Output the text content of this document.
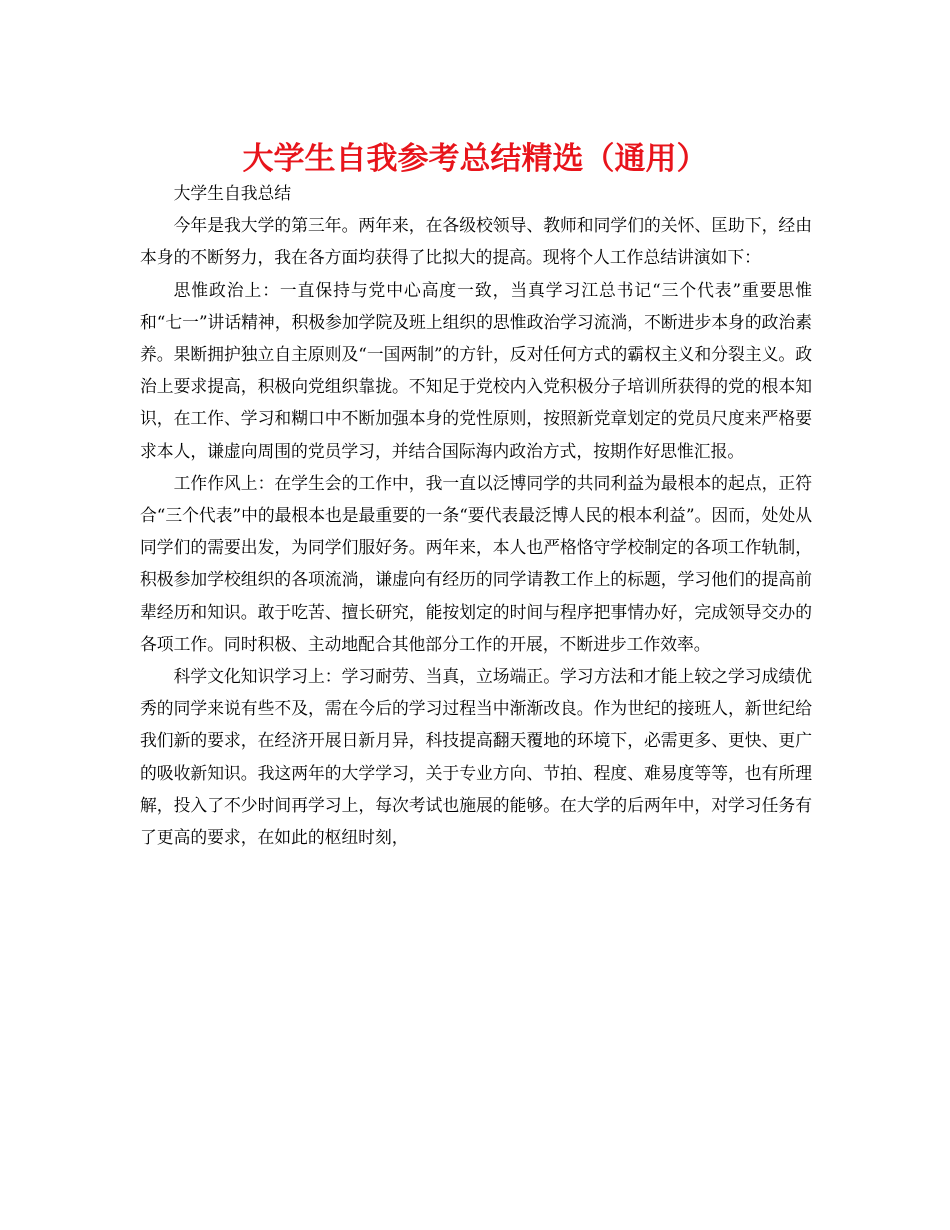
大学生自我参考总结精选（通用）

大学生自我总结

今年是我大学的第三年。两年来，在各级校领导、教师和同学们的关怀、匡助下，经由本身的不断努力，我在各方面均获得了比拟大的提高。现将个人工作总结讲演如下：

思惟政治上：一直保持与党中心高度一致，当真学习江总书记“三个代表”重要思惟和“七一”讲话精神，积极参加学院及班上组织的思惟政治学习流淌，不断进步本身的政治素养。果断拥护独立自主原则及“一国两制”的方针，反对任何方式的霸权主义和分裂主义。政治上要求提高，积极向党组织靠拢。不知足于党校内入党积极分子培训所获得的党的根本知识，在工作、学习和糊口中不断加强本身的党性原则，按照新党章划定的党员尺度来严格要求本人，谦虚向周围的党员学习，并结合国际海内政治方式，按期作好思惟汇报。

工作作风上：在学生会的工作中，我一直以泛博同学的共同利益为最根本的起点，正符合“三个代表”中的最根本也是最重要的一条“要代表最泛博人民的根本利益”。因而，处处从同学们的需要出发，为同学们服好务。两年来，本人也严格恪守学校制定的各项工作轨制，积极参加学校组织的各项流淌，谦虚向有经历的同学请教工作上的标题，学习他们的提高前辈经历和知识。敢于吃苦、擅长研究，能按划定的时间与程序把事情办好，完成领导交办的各项工作。同时积极、主动地配合其他部分工作的开展，不断进步工作效率。

科学文化知识学习上：学习耐劳、当真，立场端正。学习方法和才能上较之学习成绩优秀的同学来说有些不及，需在今后的学习过程当中渐渐改良。作为世纪的接班人，新世纪给我们新的要求，在经济开展日新月异，科技提高翻天覆地的环境下，必需更多、更快、更广的吸收新知识。我这两年的大学学习，关于专业方向、节拍、程度、难易度等等，也有所理解，投入了不少时间再学习上，每次考试也施展的能够。在大学的后两年中，对学习任务有了更高的要求，在如此的枢纽时刻，
